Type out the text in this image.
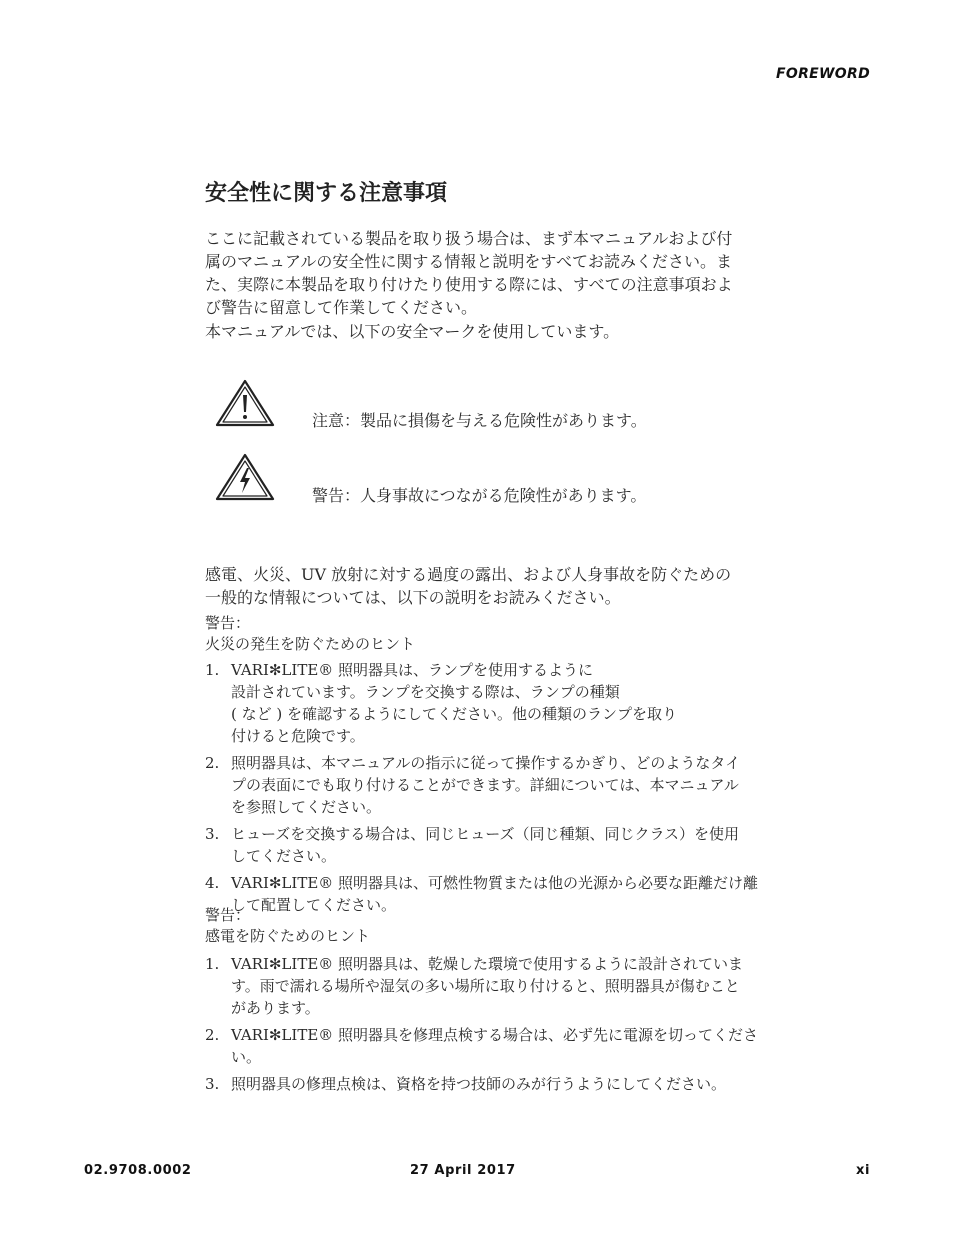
FOREWORD
安全性に関する注意事項
ここに記載されている製品を取り扱う場合は、まず本マニュアルおよび付
属のマニュアルの安全性に関する情報と説明をすべてお読みください。ま
た、実際に本製品を取り付けたり使用する際には、すべての注意事項およ
び警告に留意して作業してください。
本マニュアルでは、以下の安全マークを使用しています。
注意：製品に損傷を与える危険性があります。
警告：人身事故につながる危険性があります。
感電、火災、UV 放射に対する過度の露出、および人身事故を防ぐための
一般的な情報については、以下の説明をお読みください。
警告：
火災の発生を防ぐためのヒント
1. VARI✻LITE® 照明器具は、ランプを使用するように
設計されています。ランプを交換する際は、ランプの種類
( など ) を確認するようにしてください。他の種類のランプを取り
付けると危険です。
2. 照明器具は、本マニュアルの指示に従って操作するかぎり、どのようなタイ
プの表面にでも取り付けることができます。詳細については、本マニュアル
を参照してください。
3. ヒューズを交換する場合は、同じヒューズ（同じ種類、同じクラス）を使用
してください。
4. VARI✻LITE® 照明器具は、可燃性物質または他の光源から必要な距離だけ離
して配置してください。
警告：
感電を防ぐためのヒント
1. VARI✻LITE® 照明器具は、乾燥した環境で使用するように設計されていま
す。雨で濡れる場所や湿気の多い場所に取り付けると、照明器具が傷むこと
があります。
2. VARI✻LITE® 照明器具を修理点検する場合は、必ず先に電源を切ってくださ
い。
3. 照明器具の修理点検は、資格を持つ技師のみが行うようにしてください。
02.9708.0002	27 April 2017	xi
